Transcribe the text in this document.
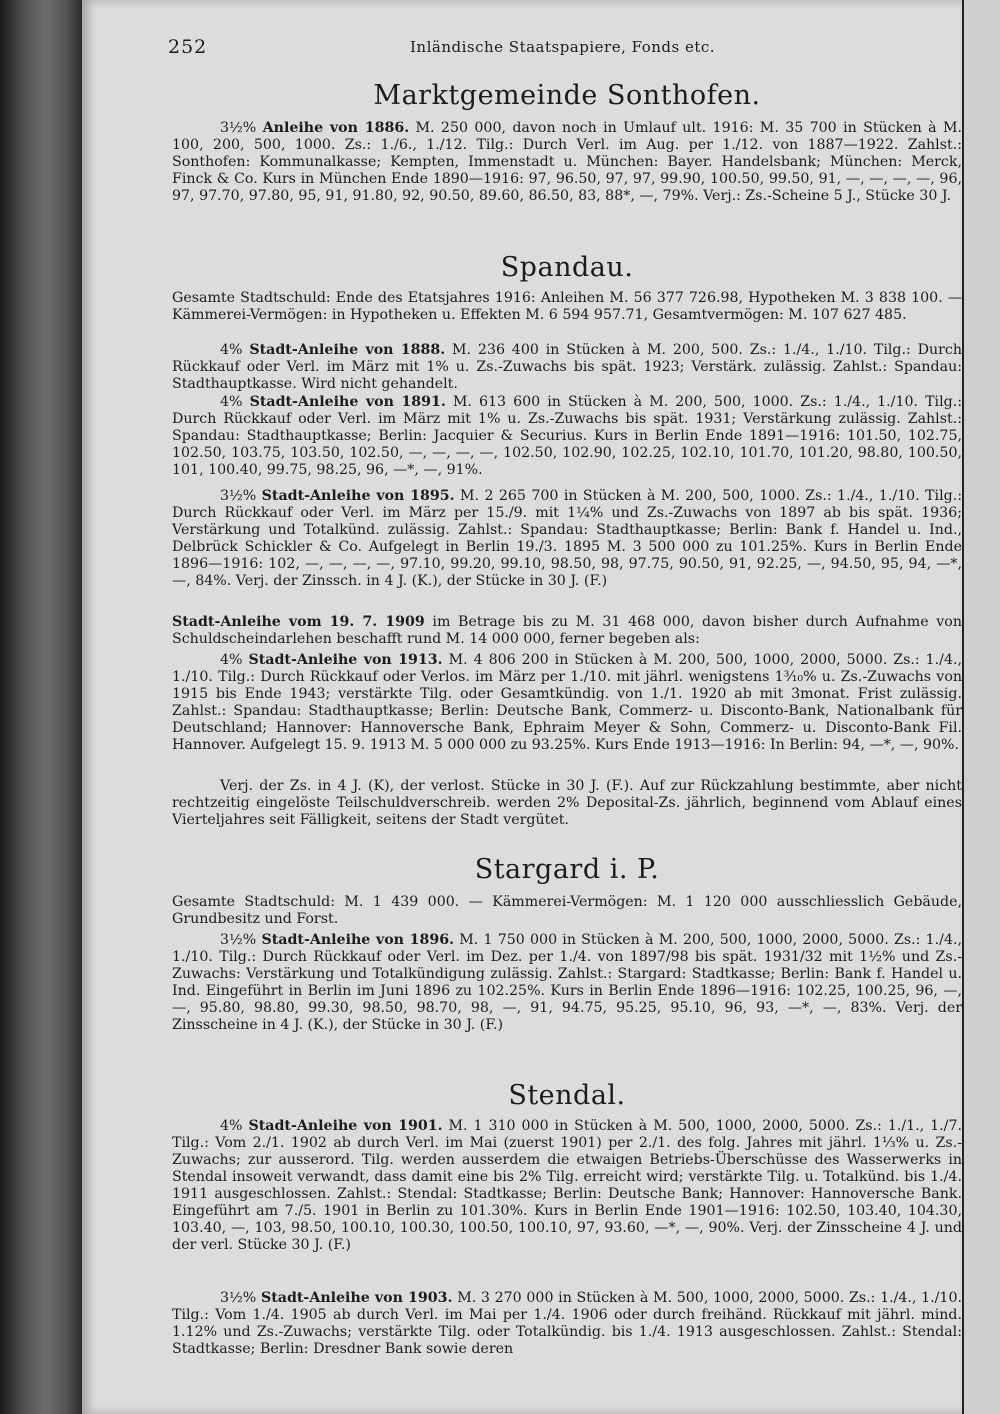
252	Inländische Staatspapiere, Fonds etc.
Marktgemeinde Sonthofen.
3½% Anleihe von 1886. M. 250 000, davon noch in Umlauf ult. 1916: M. 35 700 in Stücken à M. 100, 200, 500, 1000. Zs.: 1./6., 1./12. Tilg.: Durch Verl. im Aug. per 1./12. von 1887—1922. Zahlst.: Sonthofen: Kommunalkasse; Kempten, Immenstadt u. München: Bayer. Handelsbank; München: Merck, Finck & Co. Kurs in München Ende 1890—1916: 97, 96.50, 97, 97, 99.90, 100.50, 99.50, 91, —, —, —, —, 96, 97, 97.70, 97.80, 95, 91, 91.80, 92, 90.50, 89.60, 86.50, 83, 88*, —, 79%. Verj.: Zs.-Scheine 5 J., Stücke 30 J.
Spandau.
Gesamte Stadtschuld: Ende des Etatsjahres 1916: Anleihen M. 56 377 726.98, Hypotheken M. 3 838 100. — Kämmerei-Vermögen: in Hypotheken u. Effekten M. 6 594 957.71, Gesamtvermögen: M. 107 627 485.
4% Stadt-Anleihe von 1888. M. 236 400 in Stücken à M. 200, 500. Zs.: 1./4., 1./10. Tilg.: Durch Rückkauf oder Verl. im März mit 1% u. Zs.-Zuwachs bis spät. 1923; Verstärk. zulässig. Zahlst.: Spandau: Stadthauptkasse. Wird nicht gehandelt.
4% Stadt-Anleihe von 1891. M. 613 600 in Stücken à M. 200, 500, 1000. Zs.: 1./4., 1./10. Tilg.: Durch Rückkauf oder Verl. im März mit 1% u. Zs.-Zuwachs bis spät. 1931; Verstärkung zulässig. Zahlst.: Spandau: Stadthauptkasse; Berlin: Jacquier & Securius. Kurs in Berlin Ende 1891—1916: 101.50, 102.75, 102.50, 103.75, 103.50, 102.50, —, —, —, —, 102.50, 102.90, 102.25, 102.10, 101.70, 101.20, 98.80, 100.50, 101, 100.40, 99.75, 98.25, 96, —*, —, 91%.
3½% Stadt-Anleihe von 1895. M. 2 265 700 in Stücken à M. 200, 500, 1000. Zs.: 1./4., 1./10. Tilg.: Durch Rückkauf oder Verl. im März per 15./9. mit 1¼% und Zs.-Zuwachs von 1897 ab bis spät. 1936; Verstärkung und Totalkünd. zulässig. Zahlst.: Spandau: Stadthauptkasse; Berlin: Bank f. Handel u. Ind., Delbrück Schickler & Co. Aufgelegt in Berlin 19./3. 1895 M. 3 500 000 zu 101.25%. Kurs in Berlin Ende 1896—1916: 102, —, —, —, —, 97.10, 99.20, 99.10, 98.50, 98, 97.75, 90.50, 91, 92.25, —, 94.50, 95, 94, —*, —, 84%. Verj. der Zinssch. in 4 J. (K.), der Stücke in 30 J. (F.)
Stadt-Anleihe vom 19. 7. 1909 im Betrage bis zu M. 31 468 000, davon bisher durch Aufnahme von Schuldscheindarlehen beschafft rund M. 14 000 000, ferner begeben als:
4% Stadt-Anleihe von 1913. M. 4 806 200 in Stücken à M. 200, 500, 1000, 2000, 5000. Zs.: 1./4., 1./10. Tilg.: Durch Rückkauf oder Verlos. im März per 1./10. mit jährl. wenigstens 1³⁄₁₀% u. Zs.-Zuwachs von 1915 bis Ende 1943; verstärkte Tilg. oder Gesamtkündig. von 1./1. 1920 ab mit 3monat. Frist zulässig. Zahlst.: Spandau: Stadthauptkasse; Berlin: Deutsche Bank, Commerz- u. Disconto-Bank, Nationalbank für Deutschland; Hannover: Hannoversche Bank, Ephraim Meyer & Sohn, Commerz- u. Disconto-Bank Fil. Hannover. Aufgelegt 15. 9. 1913 M. 5 000 000 zu 93.25%. Kurs Ende 1913—1916: In Berlin: 94, —*, —, 90%.
Verj. der Zs. in 4 J. (K), der verlost. Stücke in 30 J. (F.). Auf zur Rückzahlung bestimmte, aber nicht rechtzeitig eingelöste Teilschuldverschreib. werden 2% Deposital-Zs. jährlich, beginnend vom Ablauf eines Vierteljahres seit Fälligkeit, seitens der Stadt vergütet.
Stargard i. P.
Gesamte Stadtschuld: M. 1 439 000. — Kämmerei-Vermögen: M. 1 120 000 ausschliesslich Gebäude, Grundbesitz und Forst.
3½% Stadt-Anleihe von 1896. M. 1 750 000 in Stücken à M. 200, 500, 1000, 2000, 5000. Zs.: 1./4., 1./10. Tilg.: Durch Rückkauf oder Verl. im Dez. per 1./4. von 1897/98 bis spät. 1931/32 mit 1½% und Zs.-Zuwachs: Verstärkung und Totalkündigung zulässig. Zahlst.: Stargard: Stadtkasse; Berlin: Bank f. Handel u. Ind. Eingeführt in Berlin im Juni 1896 zu 102.25%. Kurs in Berlin Ende 1896—1916: 102.25, 100.25, 96, —, —, 95.80, 98.80, 99.30, 98.50, 98.70, 98, —, 91, 94.75, 95.25, 95.10, 96, 93, —*, —, 83%. Verj. der Zinsscheine in 4 J. (K.), der Stücke in 30 J. (F.)
Stendal.
4% Stadt-Anleihe von 1901. M. 1 310 000 in Stücken à M. 500, 1000, 2000, 5000. Zs.: 1./1., 1./7. Tilg.: Vom 2./1. 1902 ab durch Verl. im Mai (zuerst 1901) per 2./1. des folg. Jahres mit jährl. 1⅓% u. Zs.-Zuwachs; zur ausserord. Tilg. werden ausserdem die etwaigen Betriebs-Überschüsse des Wasserwerks in Stendal insoweit verwandt, dass damit eine bis 2% Tilg. erreicht wird; verstärkte Tilg. u. Totalkünd. bis 1./4. 1911 ausgeschlossen. Zahlst.: Stendal: Stadtkasse; Berlin: Deutsche Bank; Hannover: Hannoversche Bank. Eingeführt am 7./5. 1901 in Berlin zu 101.30%. Kurs in Berlin Ende 1901—1916: 102.50, 103.40, 104.30, 103.40, —, 103, 98.50, 100.10, 100.30, 100.50, 100.10, 97, 93.60, —*, —, 90%. Verj. der Zinsscheine 4 J. und der verl. Stücke 30 J. (F.)
3½% Stadt-Anleihe von 1903. M. 3 270 000 in Stücken à M. 500, 1000, 2000, 5000. Zs.: 1./4., 1./10. Tilg.: Vom 1./4. 1905 ab durch Verl. im Mai per 1./4. 1906 oder durch freihänd. Rückkauf mit jährl. mind. 1.12% und Zs.-Zuwachs; verstärkte Tilg. oder Totalkündig. bis 1./4. 1913 ausgeschlossen. Zahlst.: Stendal: Stadtkasse; Berlin: Dresdner Bank sowie deren
